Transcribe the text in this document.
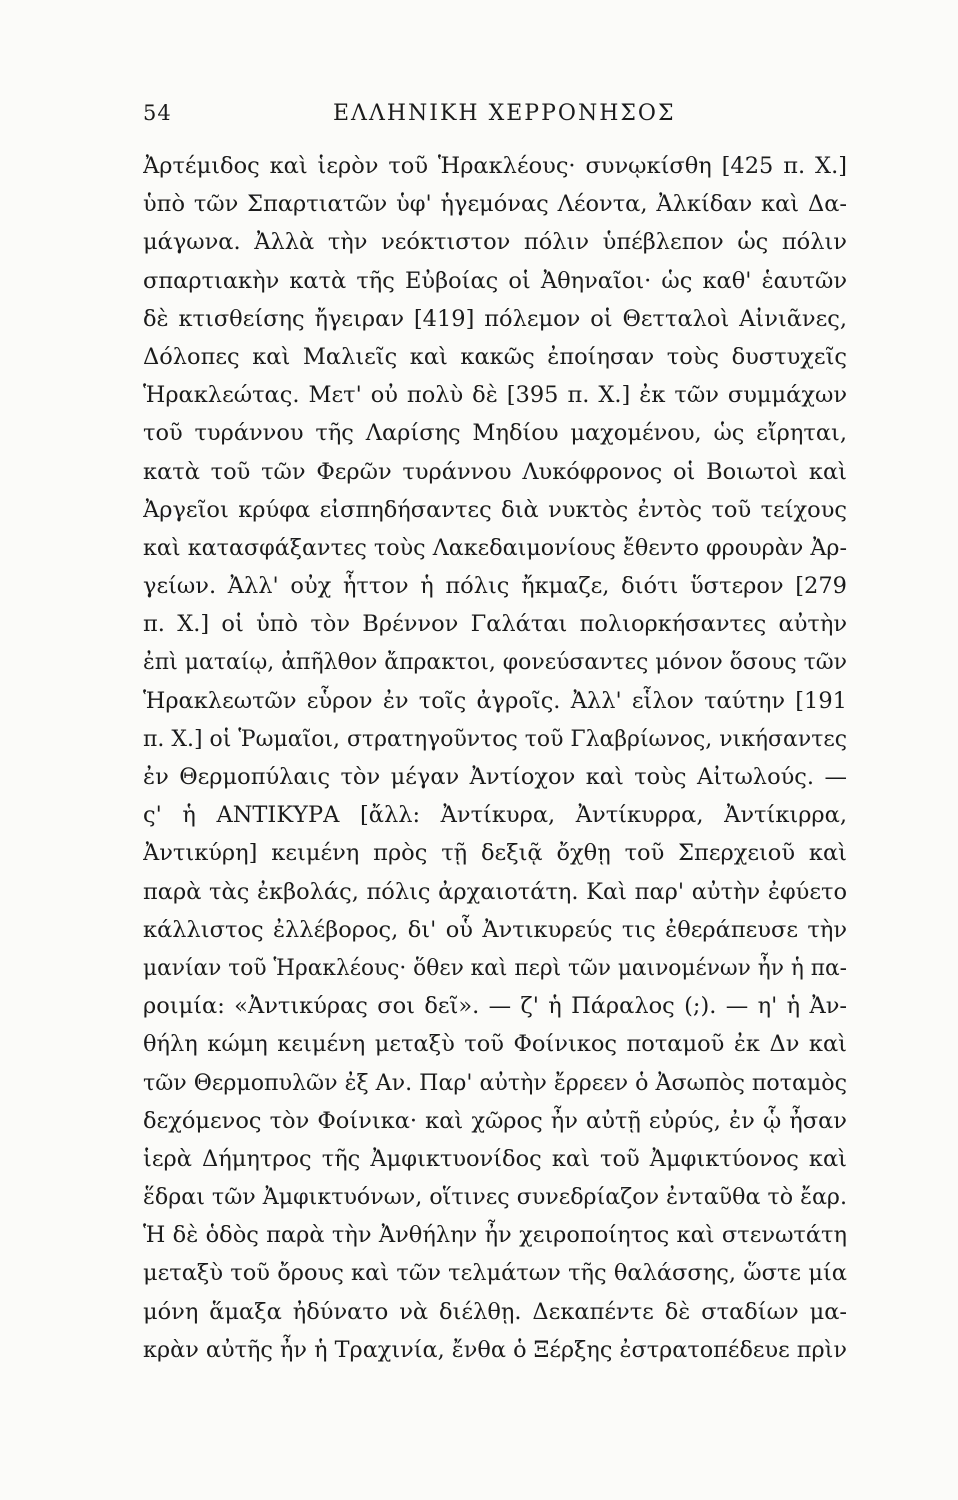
54	ΕΛΛΗΝΙΚΗ ΧΕΡΡΟΝΗΣΟΣ
Ἀρτέμιδος καὶ ἱερὸν τοῦ Ἡρακλέους· συνῳκίσθη [425 π. Χ.]
ὑπὸ τῶν Σπαρτιατῶν ὑφ' ἡγεμόνας Λέοντα, Ἀλκίδαν καὶ Δα-
μάγωνα. Ἀλλὰ τὴν νεόκτιστον πόλιν ὑπέβλεπον ὡς πόλιν
σπαρτιακὴν κατὰ τῆς Εὐβοίας οἱ Ἀθηναῖοι· ὡς καθ' ἑαυτῶν
δὲ κτισθείσης ἤγειραν [419] πόλεμον οἱ Θετταλοὶ Αἰνιᾶνες,
Δόλοπες καὶ Μαλιεῖς καὶ κακῶς ἐποίησαν τοὺς δυστυχεῖς
Ἡρακλεώτας. Μετ' οὐ πολὺ δὲ [395 π. Χ.] ἐκ τῶν συμμάχων
τοῦ τυράννου τῆς Λαρίσης Μηδίου μαχομένου, ὡς εἴρηται,
κατὰ τοῦ τῶν Φερῶν τυράννου Λυκόφρονος οἱ Βοιωτοὶ καὶ
Ἀργεῖοι κρύφα εἰσπηδήσαντες διὰ νυκτὸς ἐντὸς τοῦ τείχους
καὶ κατασφάξαντες τοὺς Λακεδαιμονίους ἔθεντο φρουρὰν Ἀρ-
γείων. Ἀλλ' οὐχ ἧττον ἡ πόλις ἤκμαζε, διότι ὕστερον [279
π. Χ.] οἱ ὑπὸ τὸν Βρέννον Γαλάται πολιορκήσαντες αὐτὴν
ἐπὶ ματαίῳ, ἀπῆλθον ἄπρακτοι, φονεύσαντες μόνον ὅσους τῶν
Ἡρακλεωτῶν εὗρον ἐν τοῖς ἀγροῖς. Ἀλλ' εἷλον ταύτην [191
π. Χ.] οἱ Ῥωμαῖοι, στρατηγοῦντος τοῦ Γλαβρίωνος, νικήσαντες
ἐν Θερμοπύλαις τὸν μέγαν Ἀντίοχον καὶ τοὺς Αἰτωλούς. —
ς' ἡ ΑΝΤΙΚΥΡΑ [ἄλλ: Ἀντίκυρα, Ἀντίκυρρα, Ἀντίκιρρα,
Ἀντικύρη] κειμένη πρὸς τῇ δεξιᾷ ὄχθῃ τοῦ Σπερχειοῦ καὶ
παρὰ τὰς ἐκβολάς, πόλις ἀρχαιοτάτη. Καὶ παρ' αὐτὴν ἐφύετο
κάλλιστος ἐλλέβορος, δι' οὗ Ἀντικυρεύς τις ἐθεράπευσε τὴν
μανίαν τοῦ Ἡρακλέους· ὅθεν καὶ περὶ τῶν μαινομένων ἦν ἡ πα-
ροιμία: «Ἀντικύρας σοι δεῖ». — ζ' ἡ Πάραλος (;). — η' ἡ Ἀν-
θήλη κώμη κειμένη μεταξὺ τοῦ Φοίνικος ποταμοῦ ἐκ Δν καὶ
τῶν Θερμοπυλῶν ἐξ Αν. Παρ' αὐτὴν ἔρρεεν ὁ Ἀσωπὸς ποταμὸς
δεχόμενος τὸν Φοίνικα· καὶ χῶρος ἦν αὐτῇ εὐρύς, ἐν ᾧ ἦσαν
ἱερὰ Δήμητρος τῆς Ἀμφικτυονίδος καὶ τοῦ Ἀμφικτύονος καὶ
ἕδραι τῶν Ἀμφικτυόνων, οἵτινες συνεδρίαζον ἐνταῦθα τὸ ἔαρ.
Ἡ δὲ ὁδὸς παρὰ τὴν Ἀνθήλην ἦν χειροποίητος καὶ στενωτάτη
μεταξὺ τοῦ ὄρους καὶ τῶν τελμάτων τῆς θαλάσσης, ὥστε μία
μόνη ἅμαξα ἠδύνατο νὰ διέλθῃ. Δεκαπέντε δὲ σταδίων μα-
κρὰν αὐτῆς ἦν ἡ Τραχινία, ἔνθα ὁ Ξέρξης ἐστρατοπέδευε πρὶν
